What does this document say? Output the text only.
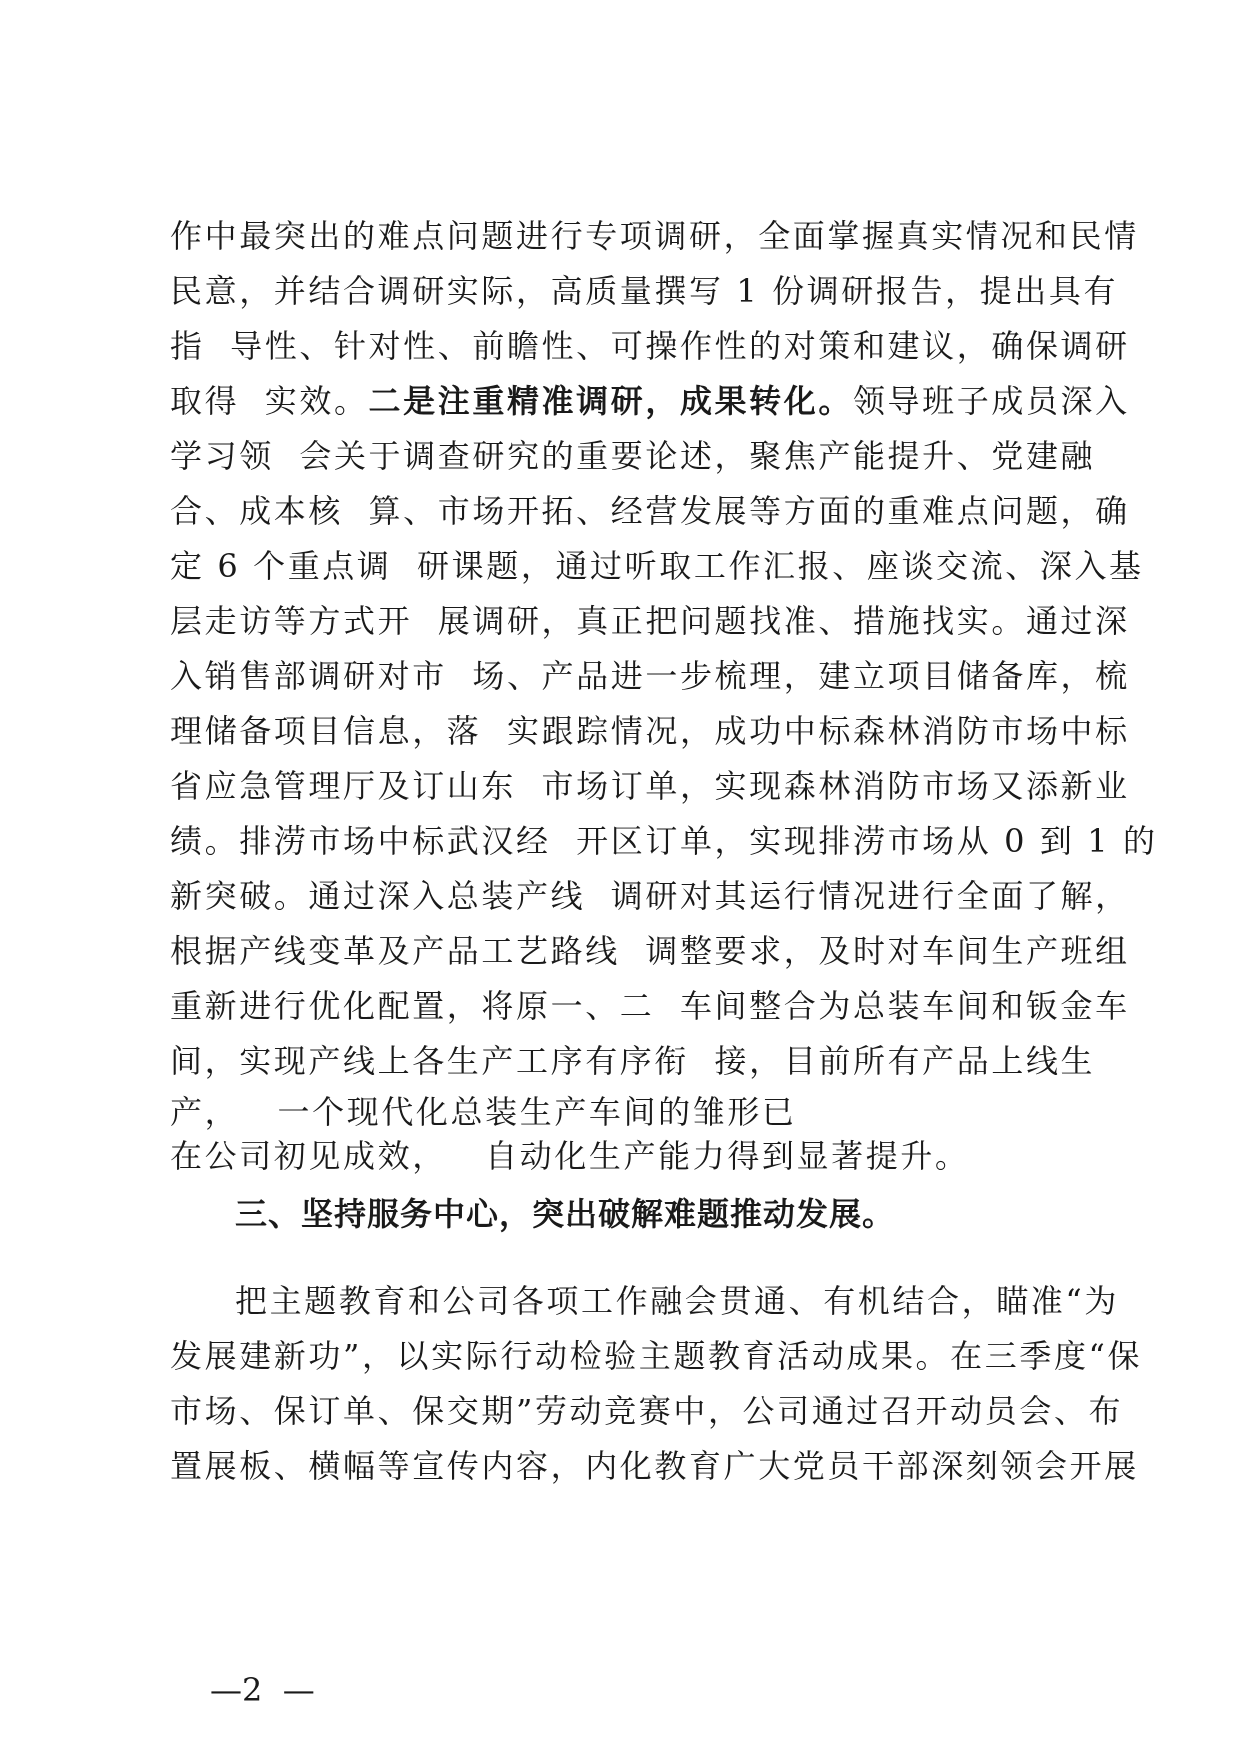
作中最突出的难点问题进行专项调研，全面掌握真实情况和民情
民意，并结合调研实际，高质量撰写 1 份调研报告，提出具有
指  导性、针对性、前瞻性、可操作性的对策和建议，确保调研
取得  实效。二是注重精准调研，成果转化。领导班子成员深入
学习领  会关于调查研究的重要论述，聚焦产能提升、党建融
合、成本核  算、市场开拓、经营发展等方面的重难点问题，确
定 6 个重点调  研课题，通过听取工作汇报、座谈交流、深入基
层走访等方式开  展调研，真正把问题找准、措施找实。通过深
入销售部调研对市  场、产品进一步梳理，建立项目储备库，梳
理储备项目信息，落  实跟踪情况，成功中标森林消防市场中标
省应急管理厅及订山东  市场订单，实现森林消防市场又添新业
绩。排涝市场中标武汉经  开区订单，实现排涝市场从 0 到 1 的
新突破。通过深入总装产线  调研对其运行情况进行全面了解，
根据产线变革及产品工艺路线  调整要求，及时对车间生产班组
重新进行优化配置，将原一、二  车间整合为总装车间和钣金车
间，实现产线上各生产工序有序衔  接，目前所有产品上线生
产，   一个现代化总装生产车间的雏形已
在公司初见成效，   自动化生产能力得到显著提升。
三、坚持服务中心，突出破解难题推动发展。
把主题教育和公司各项工作融会贯通、有机结合，瞄准“为
发展建新功”，以实际行动检验主题教育活动成果。在三季度“保
市场、保订单、保交期”劳动竞赛中，公司通过召开动员会、布
置展板、横幅等宣传内容，内化教育广大党员干部深刻领会开展
—2  —
